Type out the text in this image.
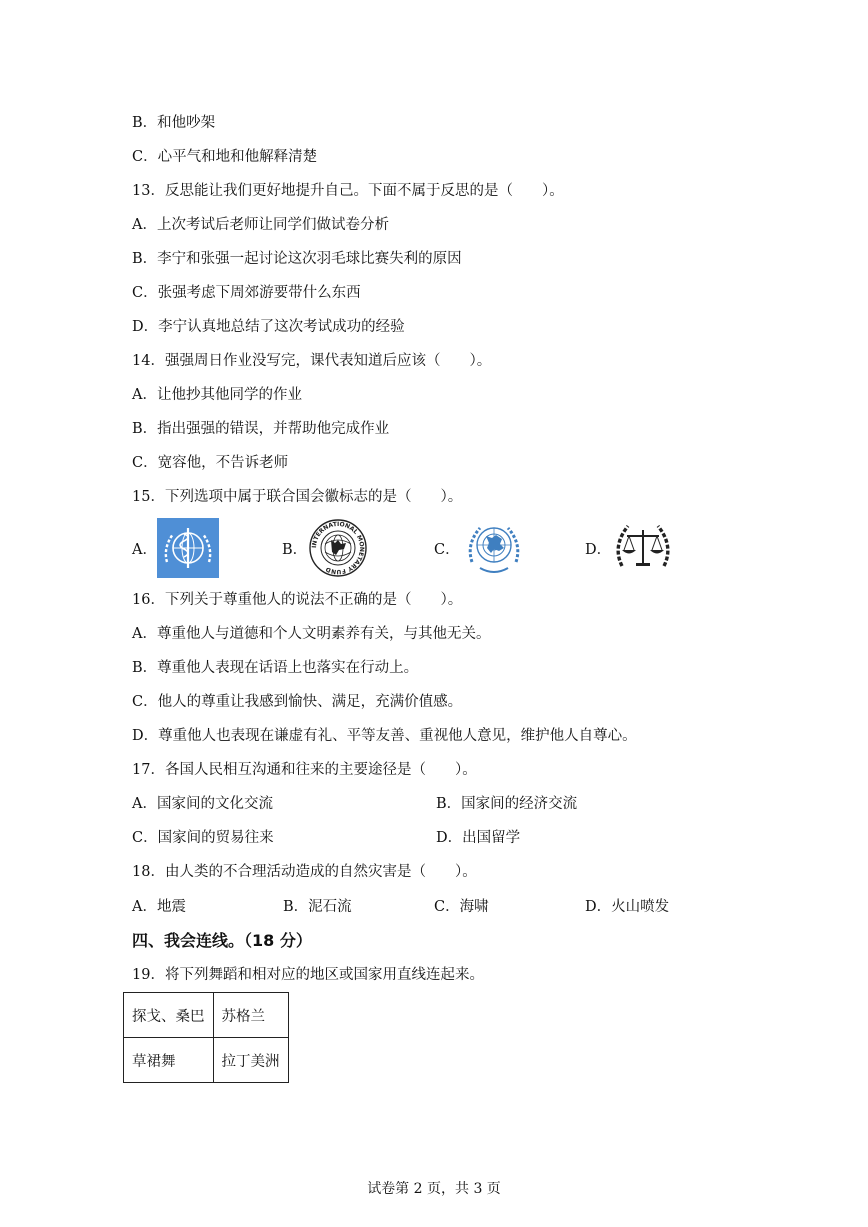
B．和他吵架
C．心平气和地和他解释清楚
13．反思能让我们更好地提升自己。下面不属于反思的是（　　）。
A．上次考试后老师让同学们做试卷分析
B．李宁和张强一起讨论这次羽毛球比赛失利的原因
C．张强考虑下周郊游要带什么东西
D．李宁认真地总结了这次考试成功的经验
14．强强周日作业没写完，课代表知道后应该（　　）。
A．让他抄其他同学的作业
B．指出强强的错误，并帮助他完成作业
C．宽容他，不告诉老师
15．下列选项中属于联合国会徽标志的是（　　）。
A．	B． INTERNATIONAL MONETARY FUND
C．	D．
16．下列关于尊重他人的说法不正确的是（　　）。
A．尊重他人与道德和个人文明素养有关，与其他无关。
B．尊重他人表现在话语上也落实在行动上。
C．他人的尊重让我感到愉快、满足，充满价值感。
D．尊重他人也表现在谦虚有礼、平等友善、重视他人意见，维护他人自尊心。
17．各国人民相互沟通和往来的主要途径是（　　）。
A．国家间的文化交流	B．国家间的经济交流
C．国家间的贸易往来	D．出国留学
18．由人类的不合理活动造成的自然灾害是（　　）。
A．地震	B．泥石流	C．海啸	D．火山喷发
四、我会连线。（18 分）
19．将下列舞蹈和相对应的地区或国家用直线连起来。
探戈、桑巴	苏格兰
草裙舞	拉丁美洲
试卷第 2 页，共 3 页
